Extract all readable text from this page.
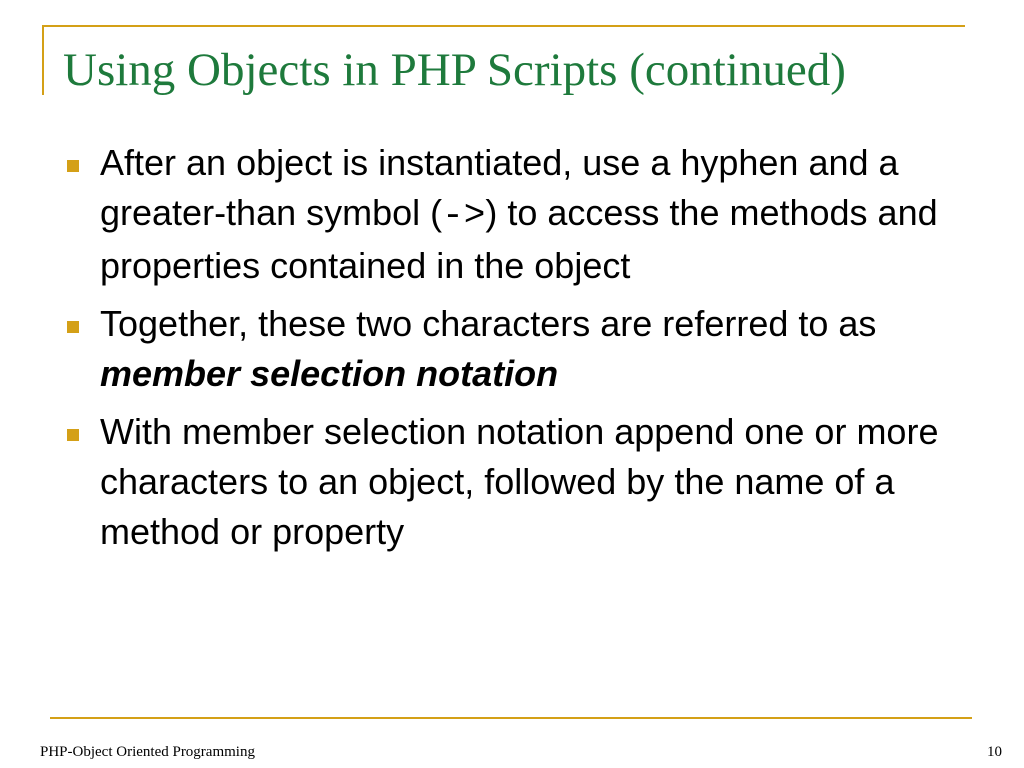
Using Objects in PHP Scripts (continued)
After an object is instantiated, use a hyphen and a greater-than symbol (->) to access the methods and properties contained in the object
Together, these two characters are referred to as member selection notation
With member selection notation append one or more characters to an object, followed by the name of a method or property
PHP-Object Oriented Programming	10
